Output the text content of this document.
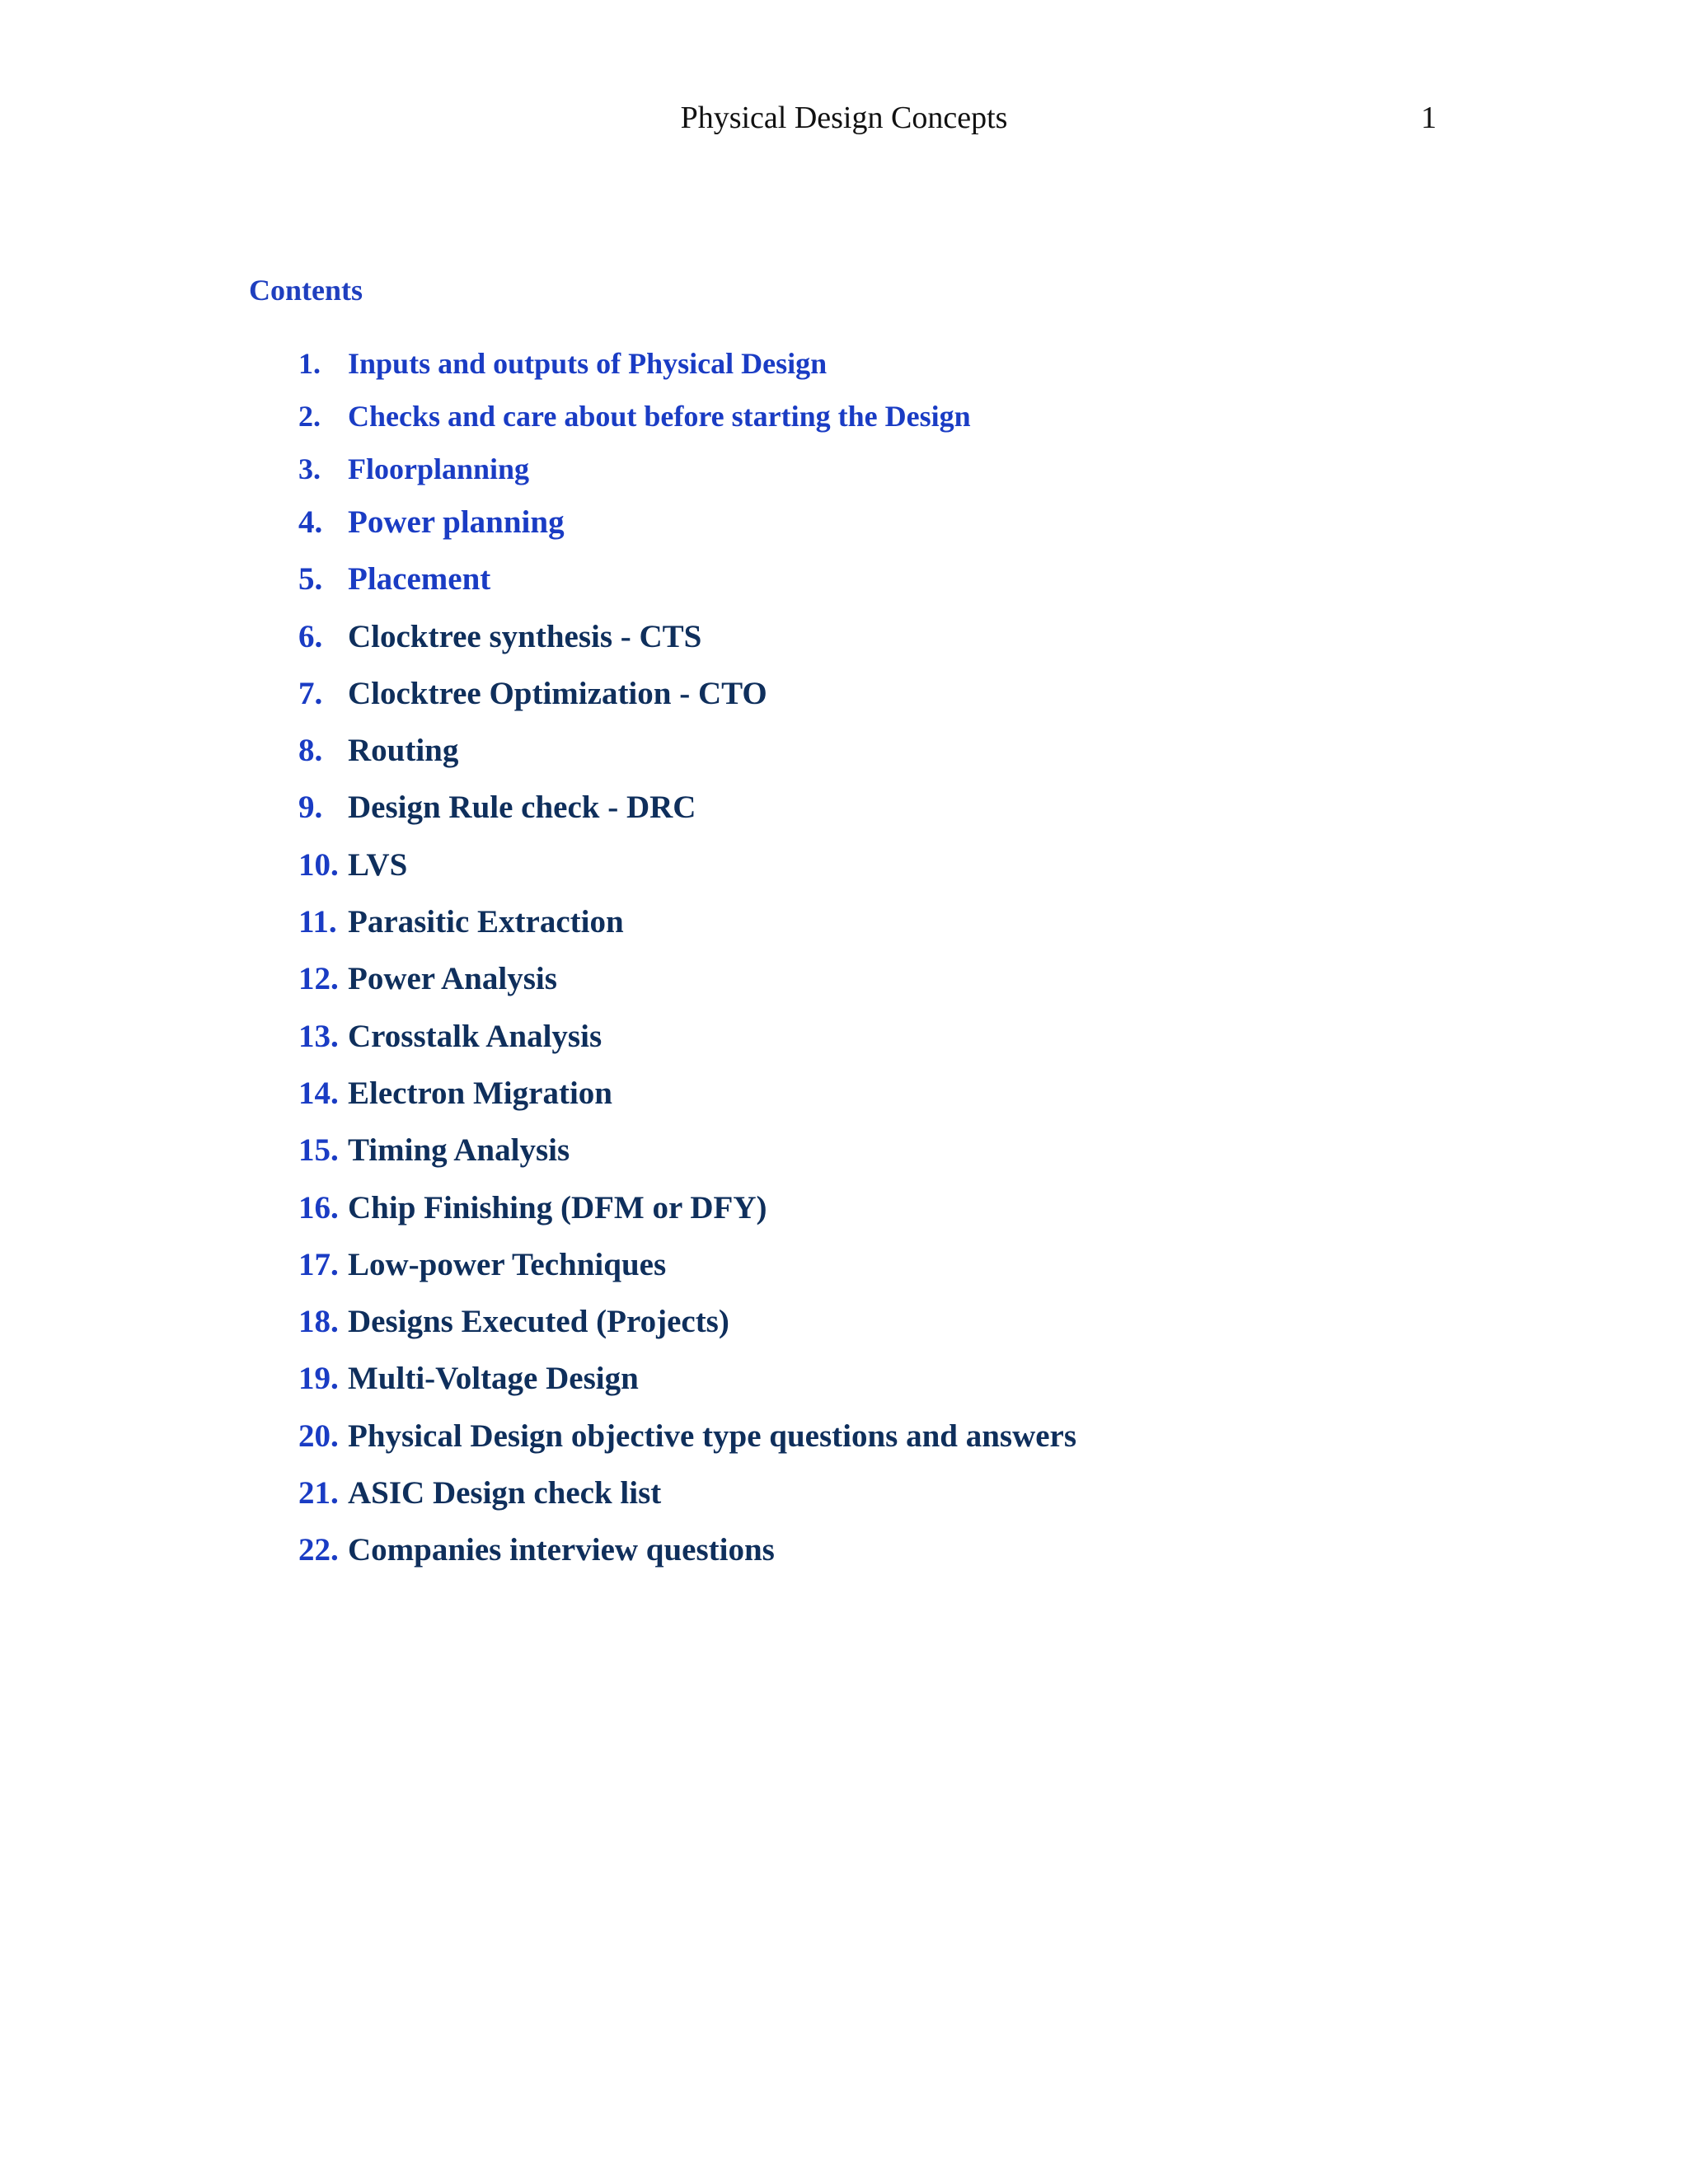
Physical Design Concepts	1
Contents
1. Inputs and outputs of Physical Design
2. Checks and care about before starting the Design
3. Floorplanning
4. Power planning
5. Placement
6. Clocktree synthesis - CTS
7. Clocktree Optimization - CTO
8. Routing
9. Design Rule check - DRC
10. LVS
11. Parasitic Extraction
12. Power Analysis
13. Crosstalk Analysis
14. Electron Migration
15. Timing Analysis
16. Chip Finishing (DFM or DFY)
17. Low-power Techniques
18. Designs Executed (Projects)
19. Multi-Voltage Design
20. Physical Design objective type questions and answers
21. ASIC Design check list
22. Companies interview questions
